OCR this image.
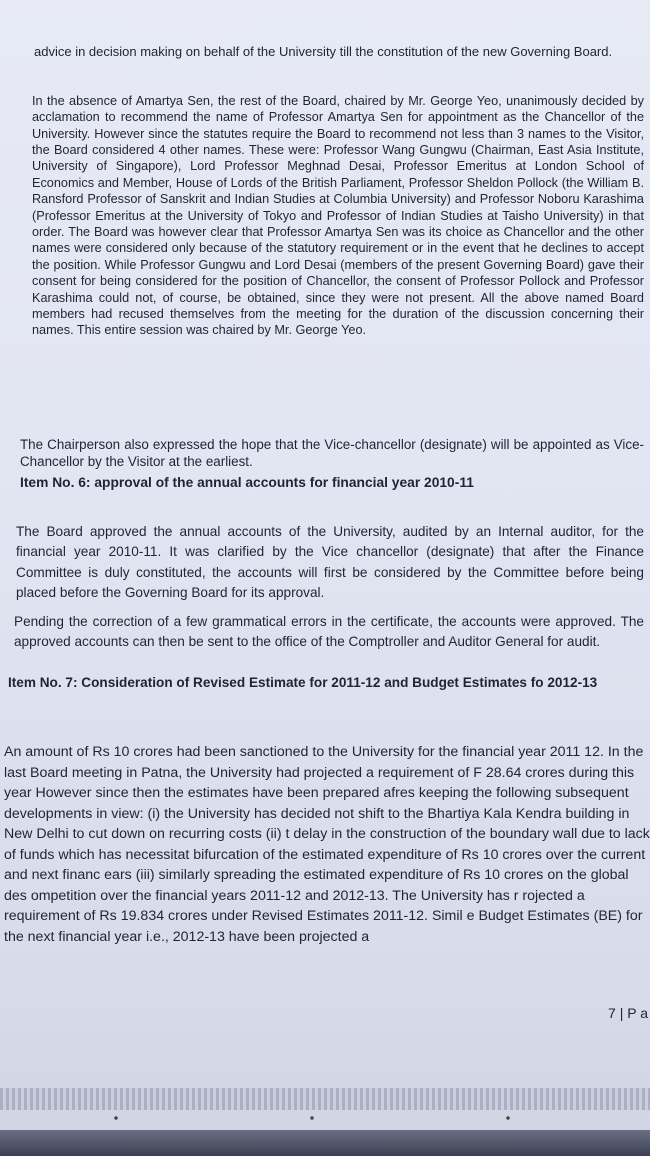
advice in decision making on behalf of the University till the constitution of the new Governing Board.

In the absence of Amartya Sen, the rest of the Board, chaired by Mr. George Yeo, unanimously decided by acclamation to recommend the name of Professor Amartya Sen for appointment as the Chancellor of the University. However since the statutes require the Board to recommend not less than 3 names to the Visitor, the Board considered 4 other names. These were: Professor Wang Gungwu (Chairman, East Asia Institute, University of Singapore), Lord Professor Meghnad Desai, Professor Emeritus at London School of Economics and Member, House of Lords of the British Parliament, Professor Sheldon Pollock (the William B. Ransford Professor of Sanskrit and Indian Studies at Columbia University) and Professor Noboru Karashima (Professor Emeritus at the University of Tokyo and Professor of Indian Studies at Taisho University) in that order. The Board was however clear that Professor Amartya Sen was its choice as Chancellor and the other names were considered only because of the statutory requirement or in the event that he declines to accept the position. While Professor Gungwu and Lord Desai (members of the present Governing Board) gave their consent for being considered for the position of Chancellor, the consent of Professor Pollock and Professor Karashima could not, of course, be obtained, since they were not present. All the above named Board members had recused themselves from the meeting for the duration of the discussion concerning their names. This entire session was chaired by Mr. George Yeo.

The Chairperson also expressed the hope that the Vice-chancellor (designate) will be appointed as Vice-Chancellor by the Visitor at the earliest.

Item No. 6: approval of the annual accounts for financial year 2010-11

The Board approved the annual accounts of the University, audited by an Internal auditor, for the financial year 2010-11. It was clarified by the Vice chancellor (designate) that after the Finance Committee is duly constituted, the accounts will first be considered by the Committee before being placed before the Governing Board for its approval.

Pending the correction of a few grammatical errors in the certificate, the accounts were approved. The approved accounts can then be sent to the office of the Comptroller and Auditor General for audit.

Item No. 7: Consideration of Revised Estimate for 2011-12 and Budget Estimates fo 2012-13

An amount of Rs 10 crores had been sanctioned to the University for the financial year 2011 12. In the last Board meeting in Patna, the University had projected a requirement of F 28.64 crores during this year However since then the estimates have been prepared afres keeping the following subsequent developments in view: (i) the University has decided not shift to the Bhartiya Kala Kendra building in New Delhi to cut down on recurring costs (ii) t delay in the construction of the boundary wall due to lack of funds which has necessitat bifurcation of the estimated expenditure of Rs 10 crores over the current and next financ ears (iii) similarly spreading the estimated expenditure of Rs 10 crores on the global des ompetition over the financial years 2011-12 and 2012-13. The University has r rojected a requirement of Rs 19.834 crores under Revised Estimates 2011-12. Simil e Budget Estimates (BE) for the next financial year i.e., 2012-13 have been projected a

7 | P a
